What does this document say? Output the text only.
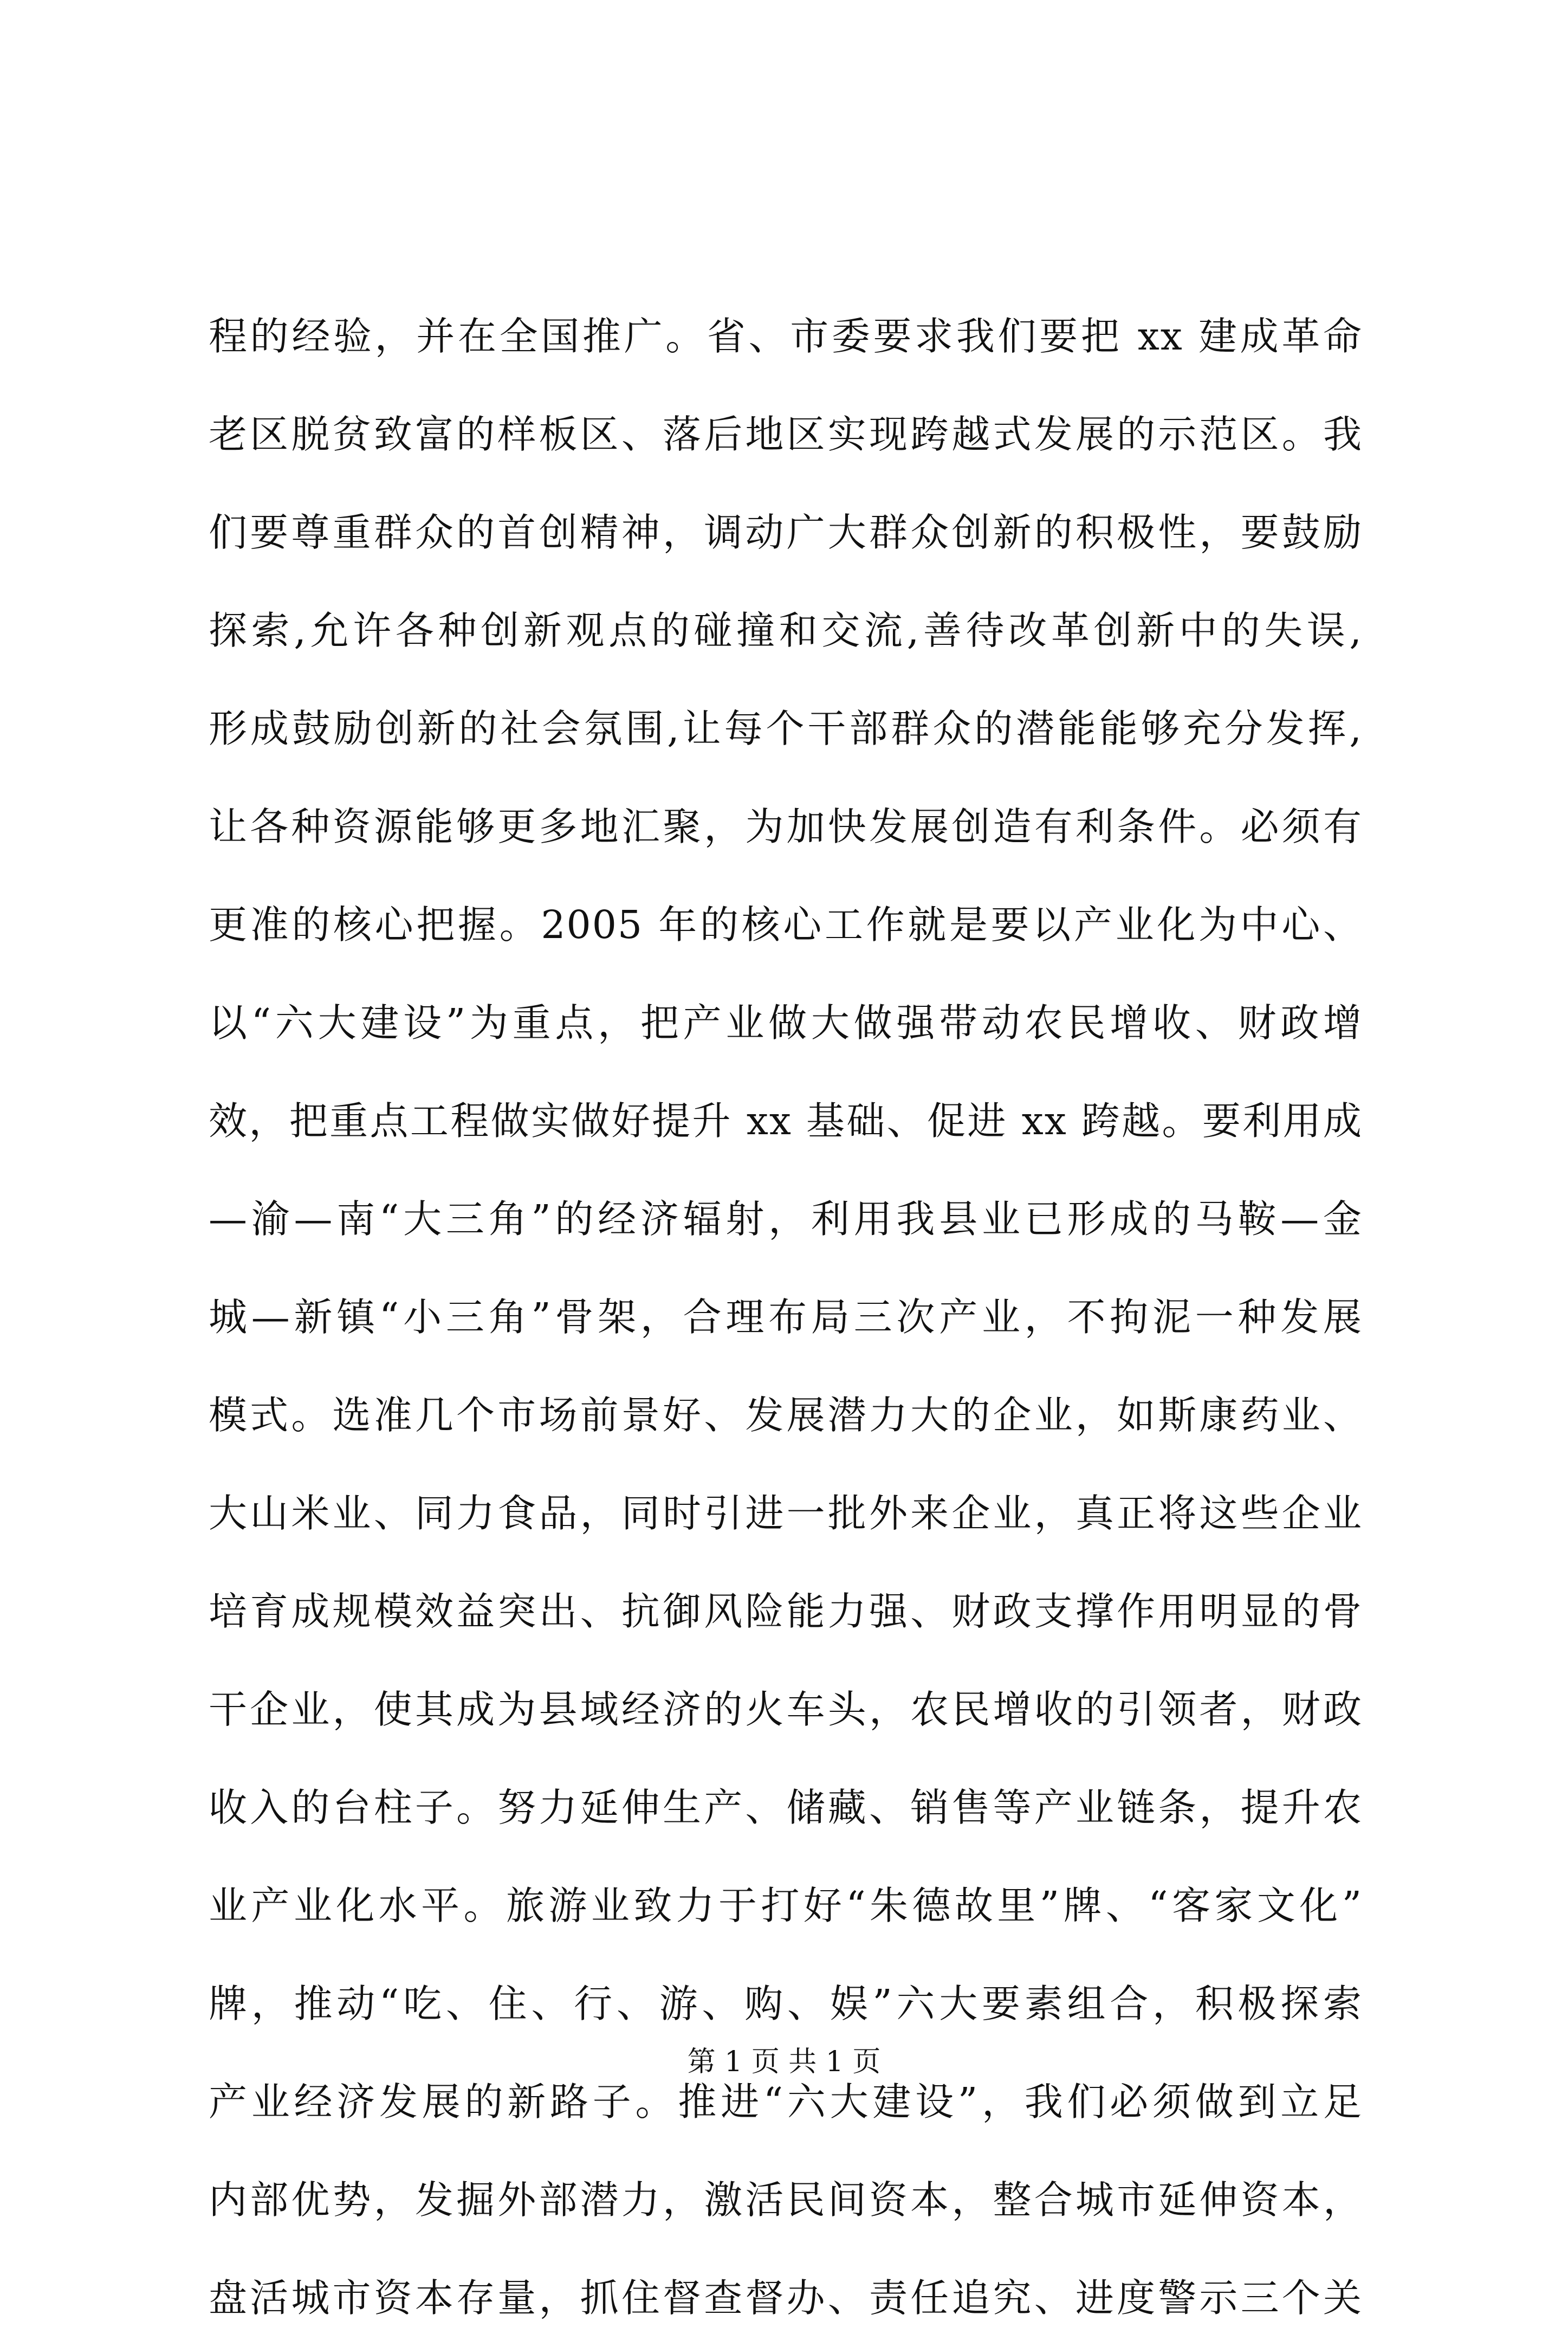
程的经验，并在全国推广。省、市委要求我们要把 xx 建成革命
老区脱贫致富的样板区、落后地区实现跨越式发展的示范区。我
们要尊重群众的首创精神，调动广大群众创新的积极性，要鼓励
探索,允许各种创新观点的碰撞和交流,善待改革创新中的失误,
形成鼓励创新的社会氛围,让每个干部群众的潜能能够充分发挥,
让各种资源能够更多地汇聚，为加快发展创造有利条件。必须有
更准的核心把握。2005 年的核心工作就是要以产业化为中心、
以“六大建设”为重点，把产业做大做强带动农民增收、财政增
效，把重点工程做实做好提升 xx 基础、促进 xx 跨越。要利用成
—渝—南“大三角”的经济辐射，利用我县业已形成的马鞍—金
城—新镇“小三角”骨架，合理布局三次产业，不拘泥一种发展
模式。选准几个市场前景好、发展潜力大的企业，如斯康药业、
大山米业、同力食品，同时引进一批外来企业，真正将这些企业
培育成规模效益突出、抗御风险能力强、财政支撑作用明显的骨
干企业，使其成为县域经济的火车头，农民增收的引领者，财政
收入的台柱子。努力延伸生产、储藏、销售等产业链条，提升农
业产业化水平。旅游业致力于打好“朱德故里”牌、“客家文化”
牌，推动“吃、住、行、游、购、娱”六大要素组合，积极探索
产业经济发展的新路子。推进“六大建设”，我们必须做到立足
内部优势，发掘外部潜力，激活民间资本，整合城市延伸资本，
盘活城市资本存量，抓住督查督办、责任追究、进度警示三个关
第 1 页 共 1 页
